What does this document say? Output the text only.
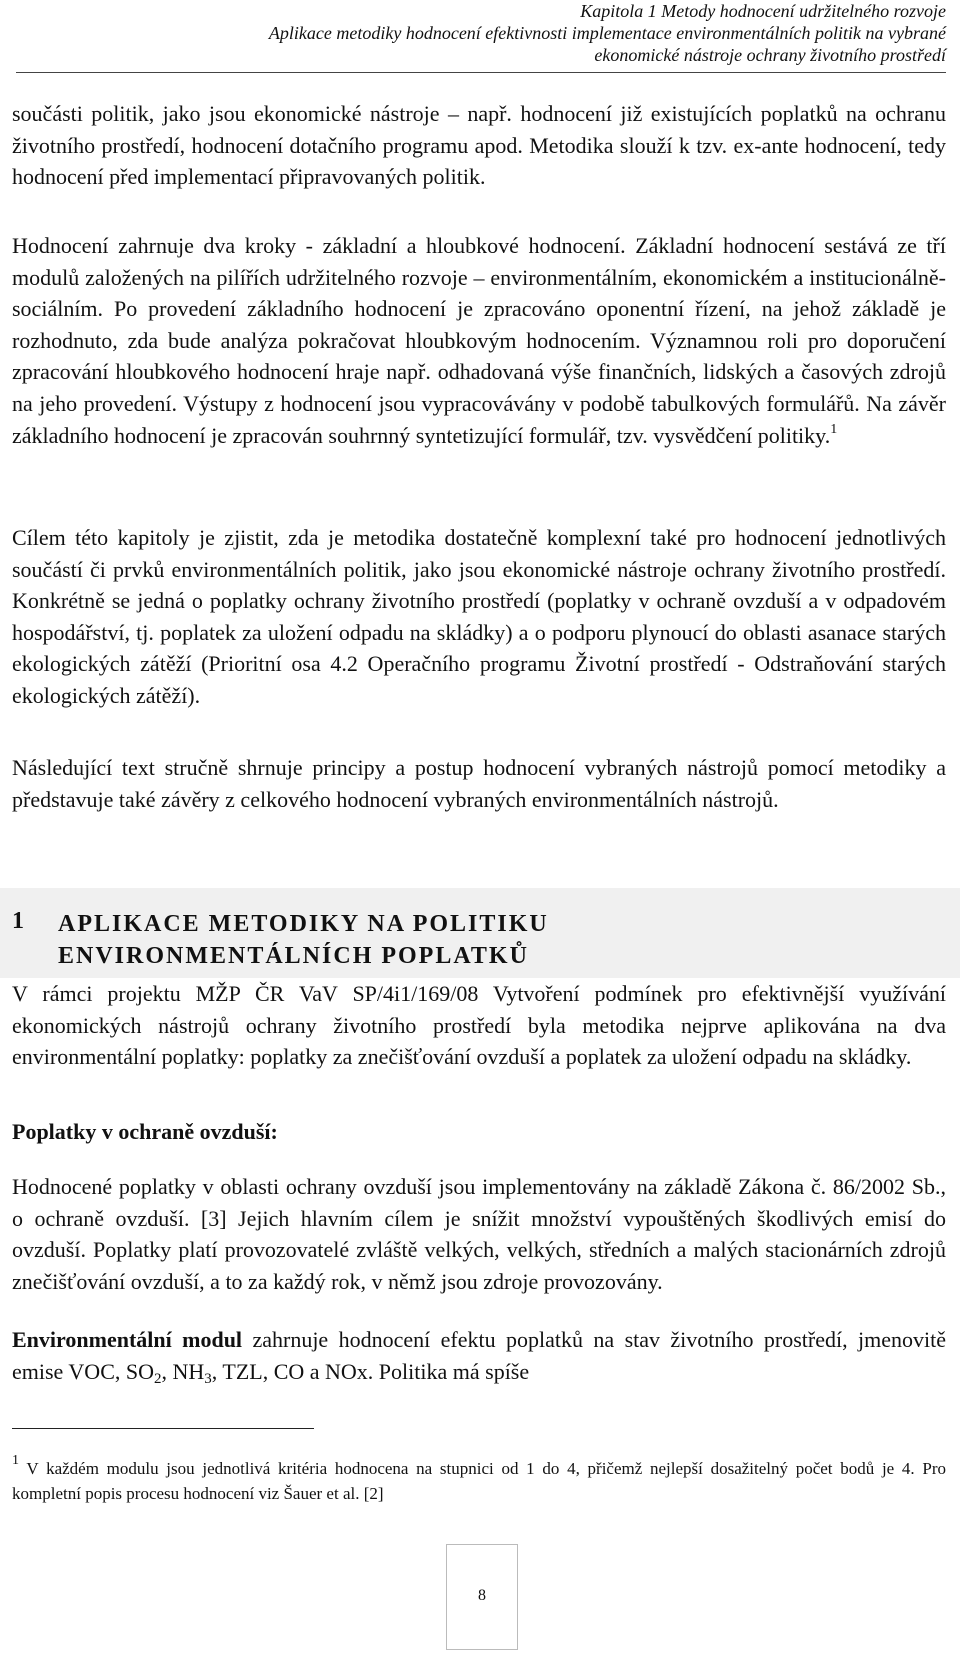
Kapitola 1 Metody hodnocení udržitelného rozvoje
Aplikace metodiky hodnocení efektivnosti implementace environmentálních politik na vybrané
ekonomické nástroje ochrany životního prostředí

součásti politik, jako jsou ekonomické nástroje – např. hodnocení již existujících poplatků na ochranu životního prostředí, hodnocení dotačního programu apod. Metodika slouží k tzv. ex-ante hodnocení, tedy hodnocení před implementací připravovaných politik.

Hodnocení zahrnuje dva kroky - základní a hloubkové hodnocení. Základní hodnocení sestává ze tří modulů založených na pilířích udržitelného rozvoje – environmentálním, ekonomickém a institucionálně-sociálním. Po provedení základního hodnocení je zpracováno oponentní řízení, na jehož základě je rozhodnuto, zda bude analýza pokračovat hloubkovým hodnocením. Významnou roli pro doporučení zpracování hloubkového hodnocení hraje např. odhadovaná výše finančních, lidských a časových zdrojů na jeho provedení. Výstupy z hodnocení jsou vypracovávány v podobě tabulkových formulářů. Na závěr základního hodnocení je zpracován souhrnný syntetizující formulář, tzv. vysvědčení politiky.$^1$

Cílem této kapitoly je zjistit, zda je metodika dostatečně komplexní také pro hodnocení jednotlivých součástí či prvků environmentálních politik, jako jsou ekonomické nástroje ochrany životního prostředí. Konkrétně se jedná o poplatky ochrany životního prostředí (poplatky v ochraně ovzduší a v odpadovém hospodářství, tj. poplatek za uložení odpadu na skládky) a o podporu plynoucí do oblasti asanace starých ekologických zátěží (Prioritní osa 4.2 Operačního programu Životní prostředí - Odstraňování starých ekologických zátěží).

Následující text stručně shrnuje principy a postup hodnocení vybraných nástrojů pomocí metodiky a představuje také závěry z celkového hodnocení vybraných environmentálních nástrojů.

1 APLIKACE METODIKY NA POLITIKU
ENVIRONMENTÁLNÍCH POPLATKŮ

V rámci projektu MŽP ČR VaV SP/4i1/169/08 Vytvoření podmínek pro efektivnější využívání ekonomických nástrojů ochrany životního prostředí byla metodika nejprve aplikována na dva environmentální poplatky: poplatky za znečišťování ovzduší a poplatek za uložení odpadu na skládky.

Poplatky v ochraně ovzduší:

Hodnocené poplatky v oblasti ochrany ovzduší jsou implementovány na základě Zákona č. 86/2002 Sb., o ochraně ovzduší. [3] Jejich hlavním cílem je snížit množství vypouštěných škodlivých emisí do ovzduší. Poplatky platí provozovatelé zvláště velkých, velkých, středních a malých stacionárních zdrojů znečišťování ovzduší, a to za každý rok, v němž jsou zdroje provozovány.

Environmentální modul zahrnuje hodnocení efektu poplatků na stav životního prostředí, jmenovitě emise VOC, $SO_2$, $NH_3$, TZL, CO a NOx. Politika má spíše

$^1$ V každém modulu jsou jednotlivá kritéria hodnocena na stupnici od 1 do 4, přičemž nejlepší dosažitelný počet bodů je 4. Pro kompletní popis procesu hodnocení viz Šauer et al. [2]
8
